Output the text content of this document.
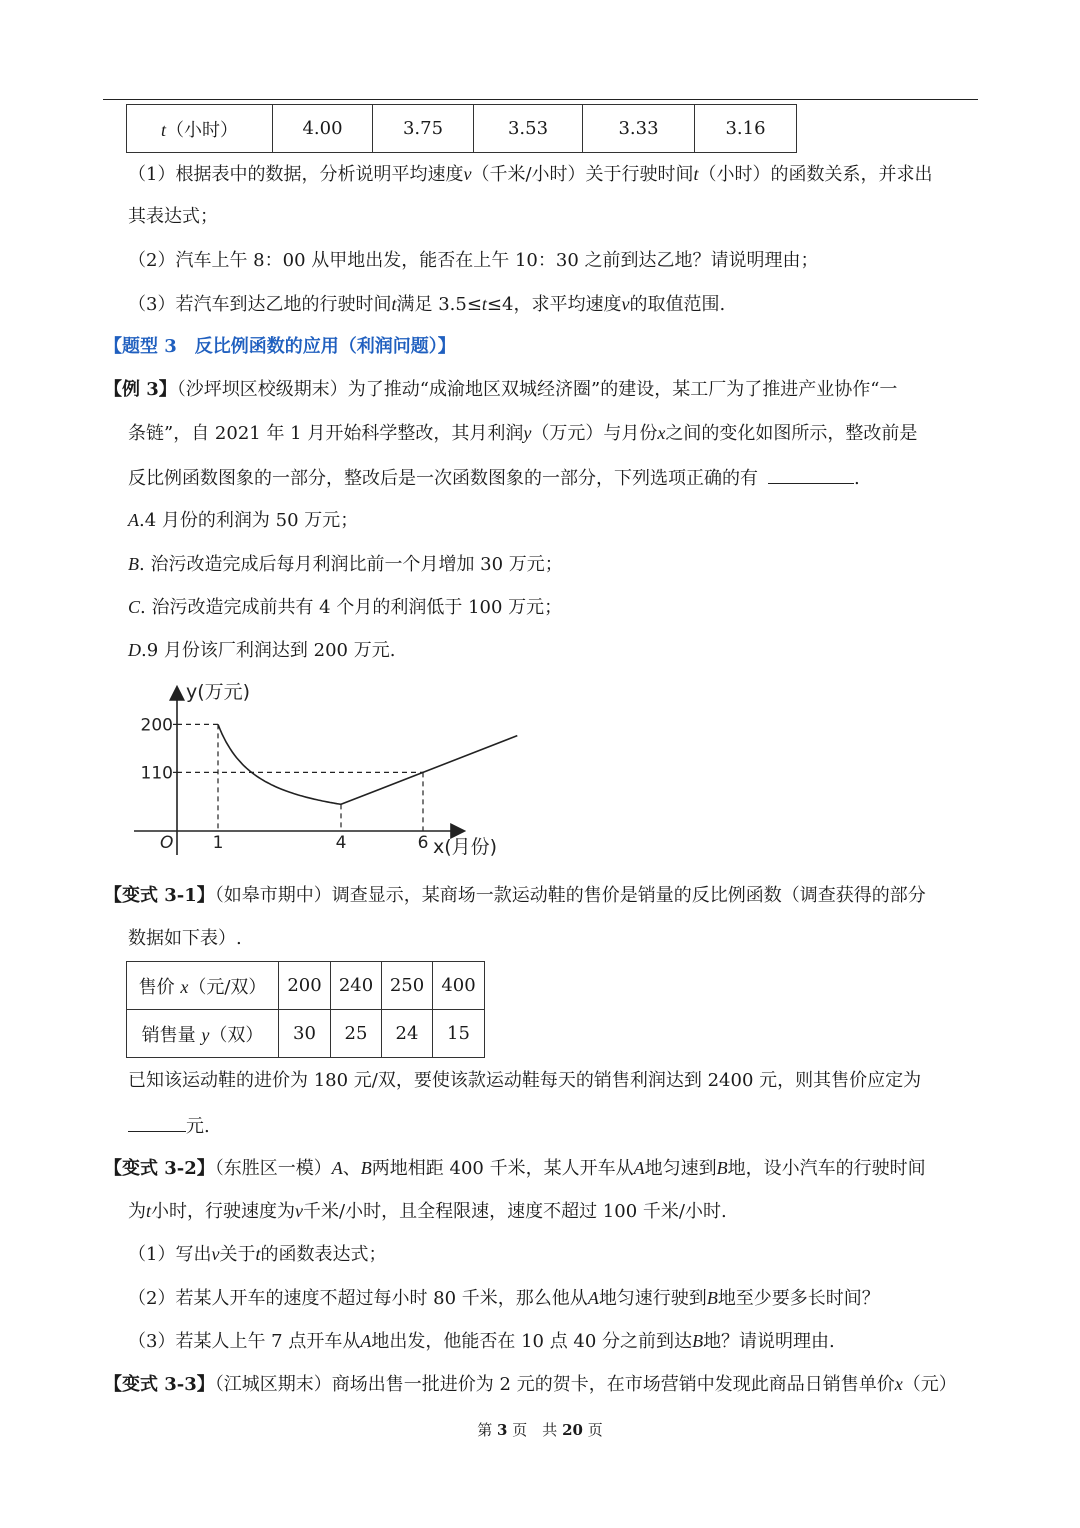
t（小时）	4.00	3.75	3.53	3.33	3.16
（1）根据表中的数据，分析说明平均速度v（千米/小时）关于行驶时间t（小时）的函数关系，并求出
其表达式；
（2）汽车上午 8：00 从甲地出发，能否在上午 10：30 之前到达乙地？请说明理由；
（3）若汽车到达乙地的行驶时间t满足 3.5≤t≤4，求平均速度v的取值范围.
【题型 3　反比例函数的应用（利润问题）】
【例 3】（沙坪坝区校级期末）为了推动“成渝地区双城经济圈”的建设，某工厂为了推进产业协作“一
条链”，自 2021 年 1 月开始科学整改，其月利润y（万元）与月份x之间的变化如图所示，整改前是
反比例函数图象的一部分，整改后是一次函数图象的一部分，下列选项正确的有	.
A.4 月份的利润为 50 万元；
B. 治污改造完成后每月利润比前一个月增加 30 万元；
C. 治污改造完成前共有 4 个月的利润低于 100 万元；
D.9 月份该厂利润达到 200 万元.
200
110
1	4	6
y(万元)
x(月份)
O
【变式 3-1】（如皋市期中）调查显示，某商场一款运动鞋的售价是销量的反比例函数（调查获得的部分
数据如下表）.
售价 x（元/双）	200	240	250	400
销售量 y（双）	30	25	24	15
已知该运动鞋的进价为 180 元/双，要使该款运动鞋每天的销售利润达到 2400 元，则其售价应定为
元.
【变式 3-2】（东胜区一模）A、B两地相距 400 千米，某人开车从A地匀速到B地，设小汽车的行驶时间
为t小时，行驶速度为v千米/小时，且全程限速，速度不超过 100 千米/小时.
（1）写出v关于t的函数表达式；
（2）若某人开车的速度不超过每小时 80 千米，那么他从A地匀速行驶到B地至少要多长时间？
（3）若某人上午 7 点开车从A地出发，他能否在 10 点 40 分之前到达B地？请说明理由.
【变式 3-3】（江城区期末）商场出售一批进价为 2 元的贺卡，在市场营销中发现此商品日销售单价x（元）
第 3 页　共 20 页
